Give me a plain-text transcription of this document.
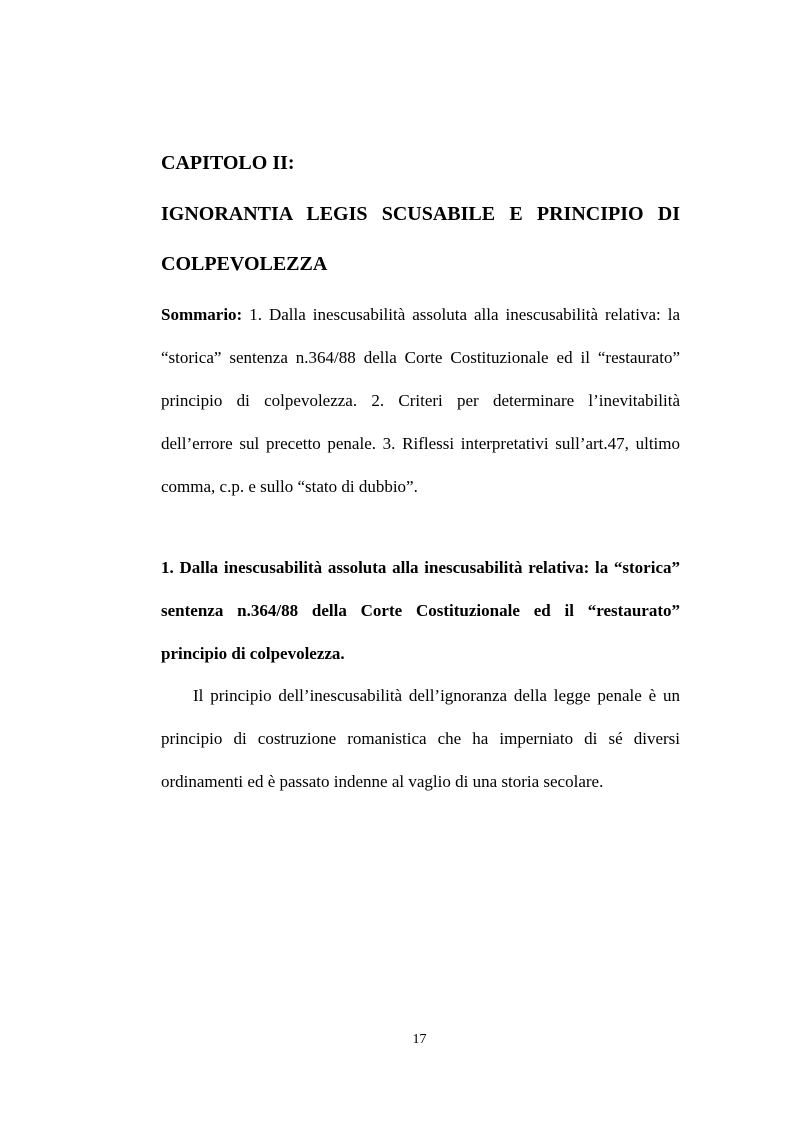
CAPITOLO II:
IGNORANTIA LEGIS SCUSABILE E PRINCIPIO DI
COLPEVOLEZZA

Sommario: 1. Dalla inescusabilità assoluta alla inescusabilità relativa: la “storica” sentenza n.364/88 della Corte Costituzionale ed il “restaurato” principio di colpevolezza. 2. Criteri per determinare l’inevitabilità dell’errore sul precetto penale. 3. Riflessi interpretativi sull’art.47, ultimo comma, c.p. e sullo “stato di dubbio”.

1. Dalla inescusabilità assoluta alla inescusabilità relativa: la “storica” sentenza n.364/88 della Corte Costituzionale ed il “restaurato” principio di colpevolezza.

Il principio dell’inescusabilità dell’ignoranza della legge penale è un principio di costruzione romanistica che ha imperniato di sé diversi ordinamenti ed è passato indenne al vaglio di una storia secolare.

17
